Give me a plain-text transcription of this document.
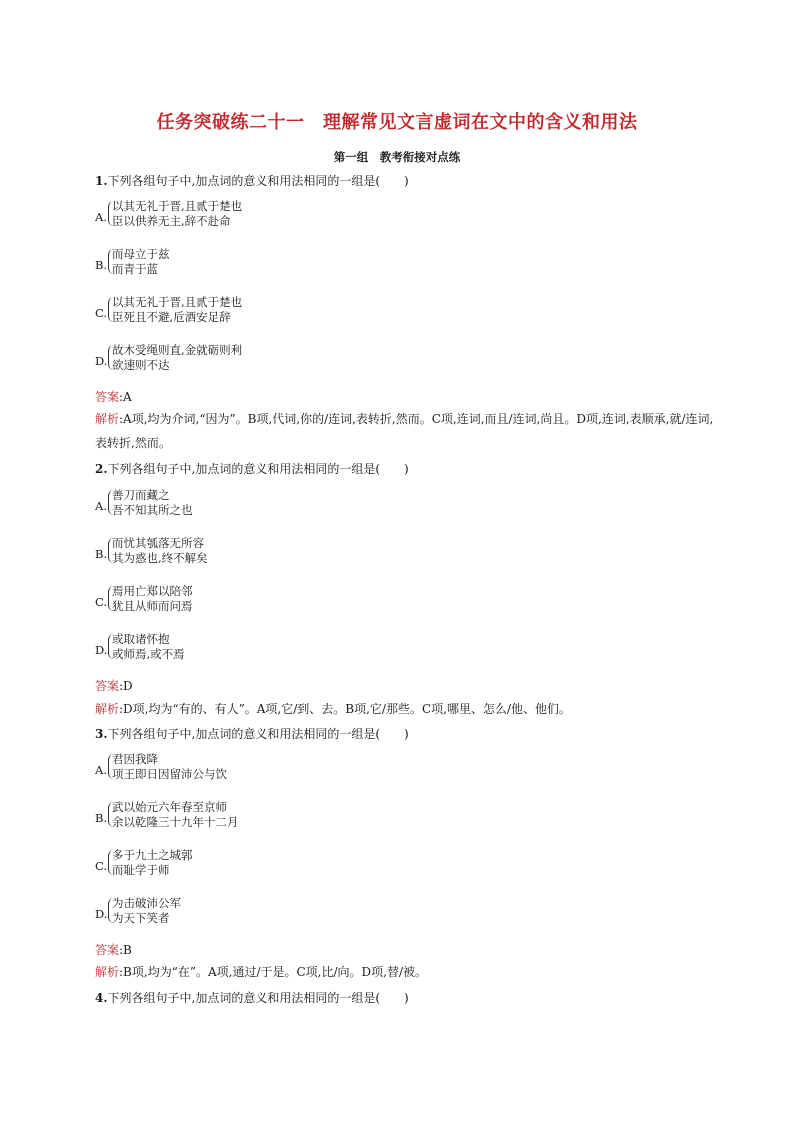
任务突破练二十一　理解常见文言虚词在文中的含义和用法
第一组　教考衔接对点练
1.下列各组句子中,加点词的意义和用法相同的一组是(　　)
A.
以其无礼于晋,且贰于楚也
臣以供养无主,辞不赴命
B.
而母立于兹
而青于蓝
C.
以其无礼于晋,且贰于楚也
臣死且不避,卮酒安足辞
D.
故木受绳则直,金就砺则利
欲速则不达
答案:A
解析:A项,均为介词,“因为”。B项,代词,你的/连词,表转折,然而。C项,连词,而且/连词,尚且。D项,连词,表顺承,就/连词,表转折,然而。
2.下列各组句子中,加点词的意义和用法相同的一组是(　　)
A.
善刀而藏之
吾不知其所之也
B.
而忧其瓠落无所容
其为惑也,终不解矣
C.
焉用亡郑以陪邻
犹且从师而问焉
D.
或取诸怀抱
或师焉,或不焉
答案:D
解析:D项,均为“有的、有人”。A项,它/到、去。B项,它/那些。C项,哪里、怎么/他、他们。
3.下列各组句子中,加点词的意义和用法相同的一组是(　　)
A.
君因我降
项王即日因留沛公与饮
B.
武以始元六年春至京师
余以乾隆三十九年十二月
C.
多于九土之城郭
而耻学于师
D.
为击破沛公军
为天下笑者
答案:B
解析:B项,均为“在”。A项,通过/于是。C项,比/向。D项,替/被。
4.下列各组句子中,加点词的意义和用法相同的一组是(　　)
